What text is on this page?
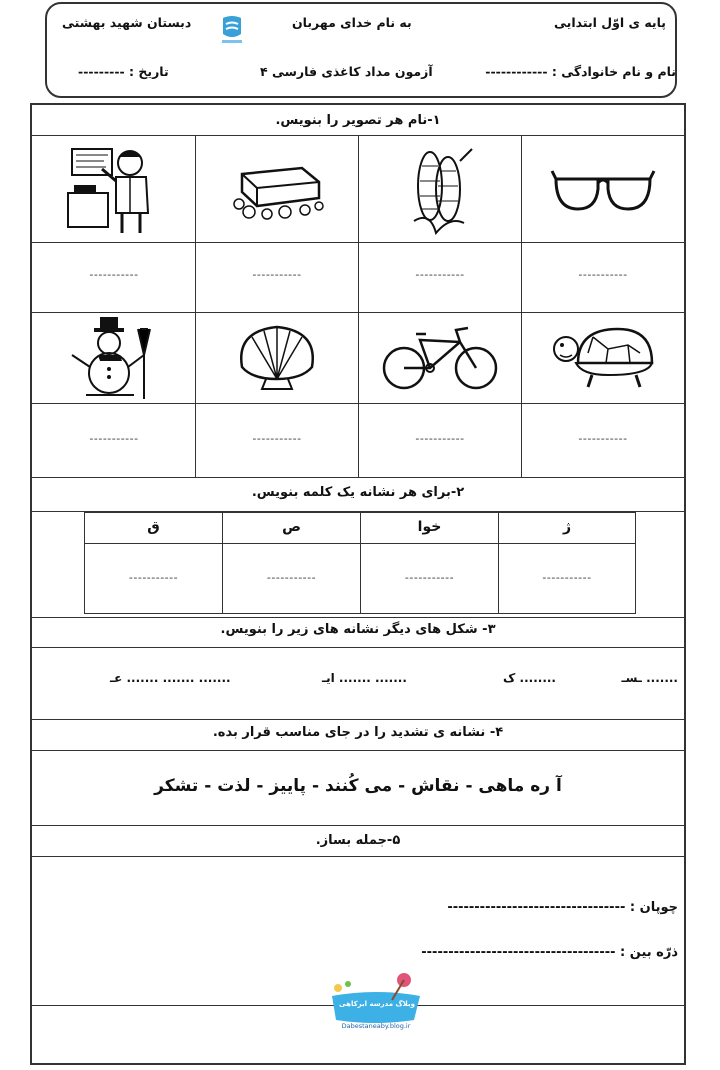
پایه ی اوّل ابتدایی
به نام خدای مهربان
دبستان شهید بهشتی
نام و نام خانوادگی : ------------
آزمون مداد کاغذی فارسی ۴
تاریخ : ---------
۱-نام هر تصویر را بنویس.
-----------
-----------
-----------
-----------
-----------
-----------
-----------
-----------
۲-برای هر نشانه یک کلمه بنویس.
ژ
خوا
ص
ق
-----------
-----------
-----------
-----------
۳- شکل های دیگر نشانه های زیر را بنویس.
ـسـ .......
ک ........
ایـ ....... .......
عـ ....... ....... .......
۴- نشانه ی تشدید را در جای مناسب قرار بده.
آ ره ماهی - نقاش - می کُنند - پاییز - لذت - تشکر
۵-جمله بساز.
چوپان : ---------------------------------
ذرّه بین : ------------------------------------
وبلاگ مدرسه ابرکاهی
Dabestaneaby.blog.ir
